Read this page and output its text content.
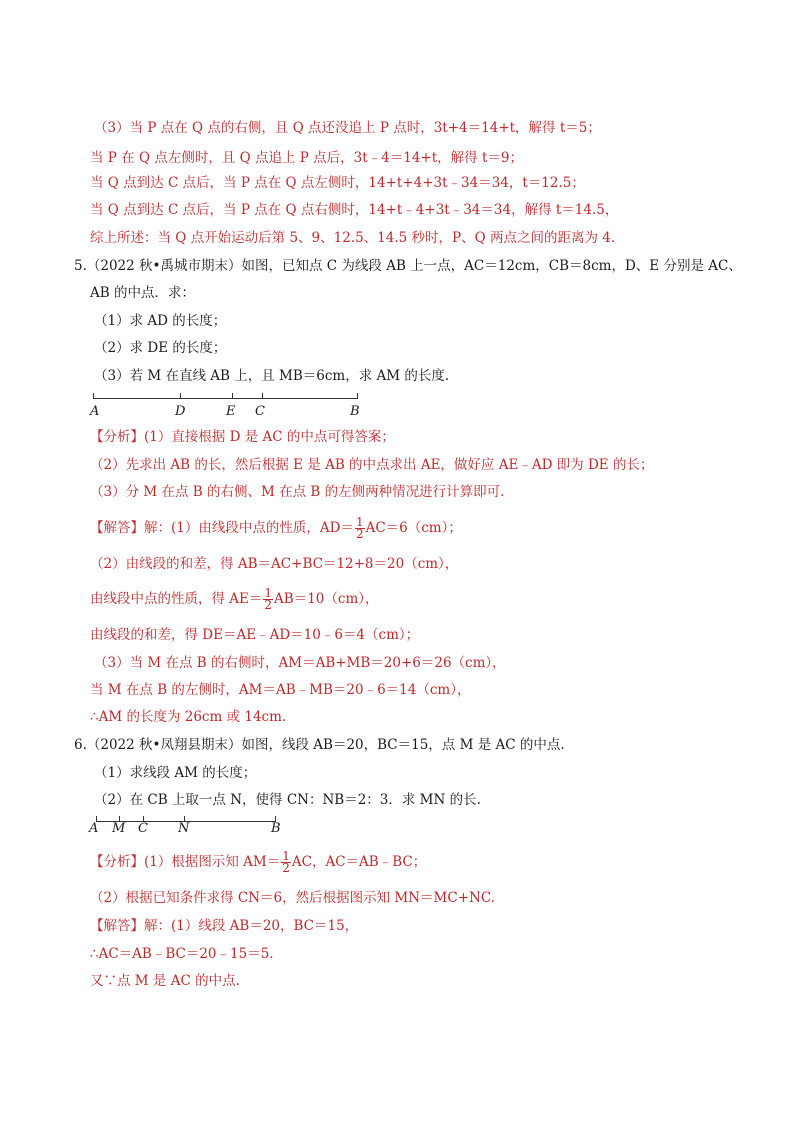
（3）当 P 点在 Q 点的右侧，且 Q 点还没追上 P 点时，3t+4＝14+t，解得 t＝5；
当 P 在 Q 点左侧时，且 Q 点追上 P 点后，3t﹣4＝14+t，解得 t＝9；
当 Q 点到达 C 点后，当 P 点在 Q 点左侧时，14+t+4+3t﹣34＝34，t＝12.5；
当 Q 点到达 C 点后，当 P 点在 Q 点右侧时，14+t﹣4+3t﹣34＝34，解得 t＝14.5，
综上所述：当 Q 点开始运动后第 5、9、12.5、14.5 秒时，P、Q 两点之间的距离为 4.
5.（2022 秋•禹城市期末）如图，已知点 C 为线段 AB 上一点，AC＝12cm，CB＝8cm，D、E 分别是 AC、
AB 的中点．求：
（1）求 AD 的长度；
（2）求 DE 的长度；
（3）若 M 在直线 AB 上，且 MB＝6cm，求 AM 的长度.
A	D	E C	B
【分析】(1）直接根据 D 是 AC 的中点可得答案；
（2）先求出 AB 的长，然后根据 E 是 AB 的中点求出 AE，做好应 AE﹣AD 即为 DE 的长；
（3）分 M 在点 B 的右侧、M 在点 B 的左侧两种情况进行计算即可.
【解答】解：(1）由线段中点的性质，$AD= \frac{1}{2} AC=6(cm)$；
（2）由线段的和差，得 AB＝AC+BC＝12+8＝20（cm），
由线段中点的性质，得 $AE= \frac{1}{2} AB=10(cm)$，
由线段的和差，得 DE＝AE﹣AD＝10﹣6＝4（cm）；
（3）当 M 在点 B 的右侧时，AM＝AB+MB＝20+6＝26（cm），
当 M 在点 B 的左侧时，AM＝AB﹣MB＝20﹣6＝14（cm），
∴AM 的长度为 26cm 或 14cm.
6.（2022 秋•凤翔县期末）如图，线段 AB＝20，BC＝15，点 M 是 AC 的中点.
（1）求线段 AM 的长度；
（2）在 CB 上取一点 N，使得 CN：NB＝2：3．求 MN 的长.
A M C N	B
【分析】(1）根据图示知 $AM= \frac{1}{2}$ AC，AC＝AB﹣BC；
（2）根据已知条件求得 CN＝6，然后根据图示知 MN＝MC+NC.
【解答】解：(1）线段 AB＝20，BC＝15，
∴AC＝AB﹣BC＝20﹣15＝5.
又∵点 M 是 AC 的中点.
